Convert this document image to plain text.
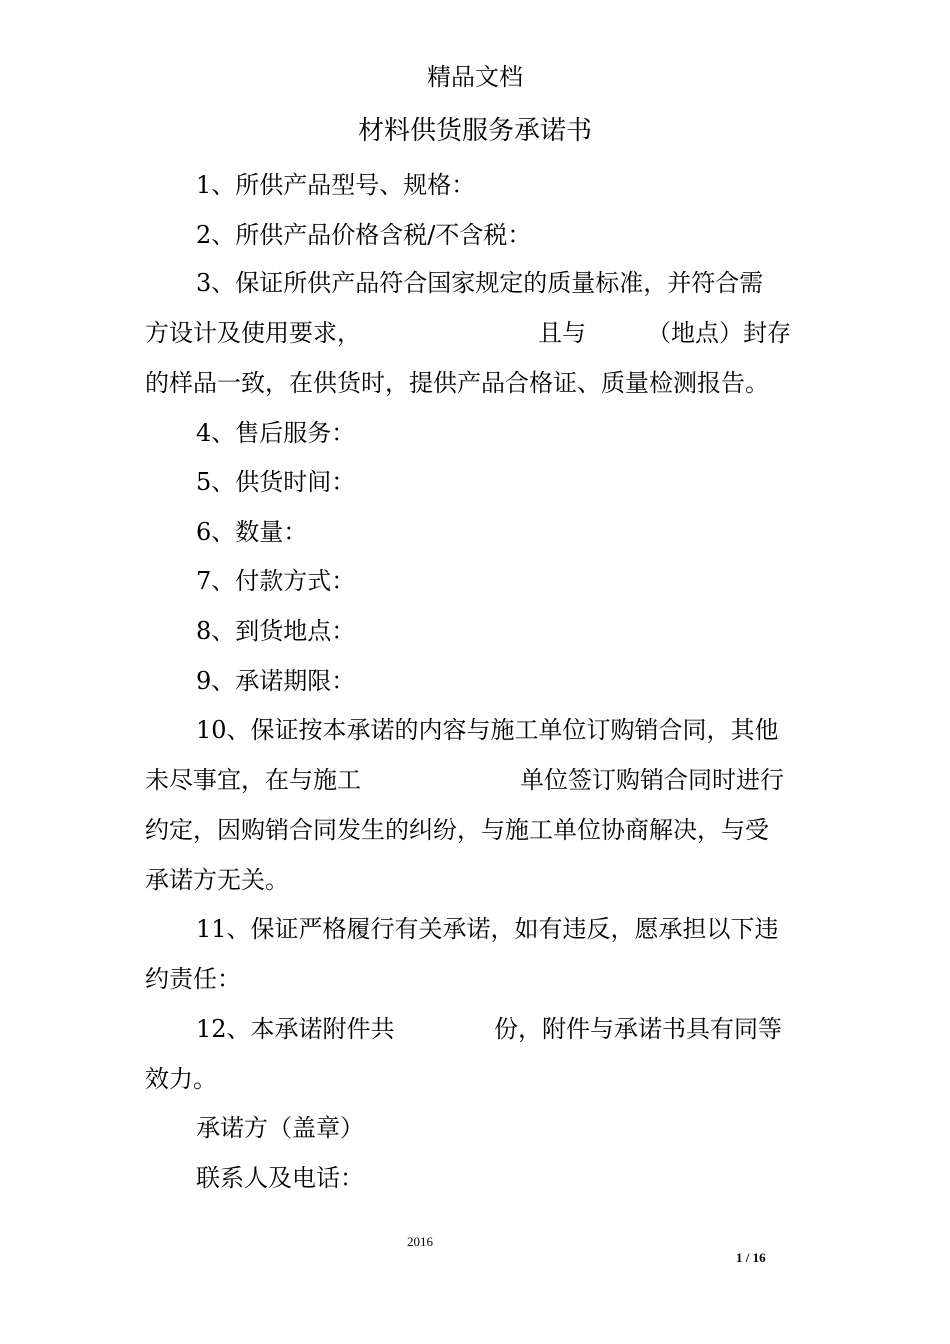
精品文档
材料供货服务承诺书
1、所供产品型号、规格：
2、所供产品价格含税/不含税：
3、保证所供产品符合国家规定的质量标准，并符合需
方设计及使用要求，	且与	（地点）封存
的样品一致，在供货时，提供产品合格证、质量检测报告。
4、售后服务：
5、供货时间：
6、数量：
7、付款方式：
8、到货地点：
9、承诺期限：
10、保证按本承诺的内容与施工单位订购销合同，其他
未尽事宜，在与施工	单位签订购销合同时进行
约定，因购销合同发生的纠纷，与施工单位协商解决，与受
承诺方无关。
11、保证严格履行有关承诺，如有违反，愿承担以下违
约责任：
12、本承诺附件共	份，附件与承诺书具有同等
效力。
承诺方（盖章）
联系人及电话：
2016
1 / 16
